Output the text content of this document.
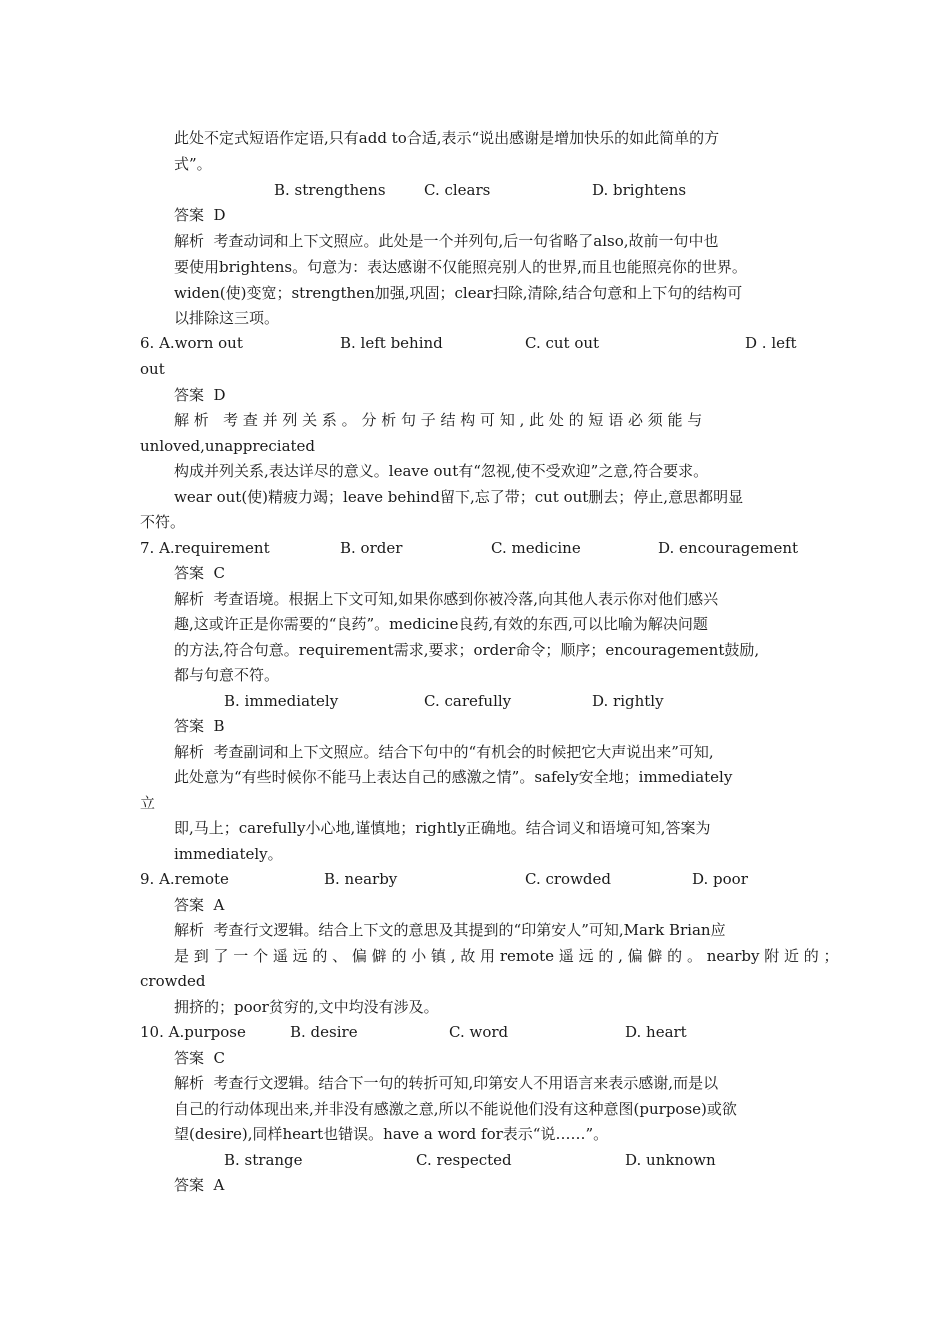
此处不定式短语作定语,只有add to合适,表示“说出感谢是增加快乐的如此简单的方
式”。
B. strengthens	C. clears	D. brightens
答案  D
解析  考查动词和上下文照应。此处是一个并列句,后一句省略了also,故前一句中也
要使用brightens。句意为：表达感谢不仅能照亮别人的世界,而且也能照亮你的世界。
widen(使)变宽；strengthen加强,巩固；clear扫除,清除,结合句意和上下句的结构可
以排除这三项。
6. A.worn out	B. left behind	C. cut out	D . left
out
答案  D
解 析   考 查 并 列 关 系 。 分 析 句 子 结 构 可 知 , 此 处 的 短 语 必 须 能 与
unloved,unappreciated
构成并列关系,表达详尽的意义。leave out有“忽视,使不受欢迎”之意,符合要求。
wear out(使)精疲力竭；leave behind留下,忘了带；cut out删去；停止,意思都明显
不符。
7. A.requirement	B. order	C. medicine	D. encouragement
答案  C
解析  考查语境。根据上下文可知,如果你感到你被冷落,向其他人表示你对他们感兴
趣,这或许正是你需要的“良药”。medicine良药,有效的东西,可以比喻为解决问题
的方法,符合句意。requirement需求,要求；order命令；顺序；encouragement鼓励,
都与句意不符。
B. immediately	C. carefully	D. rightly
答案  B
解析  考查副词和上下文照应。结合下句中的“有机会的时候把它大声说出来”可知,
此处意为“有些时候你不能马上表达自己的感激之情”。safely安全地；immediately
立
即,马上；carefully小心地,谨慎地；rightly正确地。结合词义和语境可知,答案为
immediately。
9. A.remote	B. nearby	C. crowded	D. poor
答案  A
解析  考查行文逻辑。结合上下文的意思及其提到的“印第安人”可知,Mark Brian应
是 到 了 一 个 遥 远 的 、 偏 僻 的 小 镇 , 故 用 remote 遥 远 的 , 偏 僻 的 。 nearby 附 近 的 ；
crowded
拥挤的；poor贫穷的,文中均没有涉及。
10. A.purpose	B. desire	C. word	D. heart
答案  C
解析  考查行文逻辑。结合下一句的转折可知,印第安人不用语言来表示感谢,而是以
自己的行动体现出来,并非没有感激之意,所以不能说他们没有这种意图(purpose)或欲
望(desire),同样heart也错误。have a word for表示“说……”。
B. strange	C. respected	D. unknown
答案  A
